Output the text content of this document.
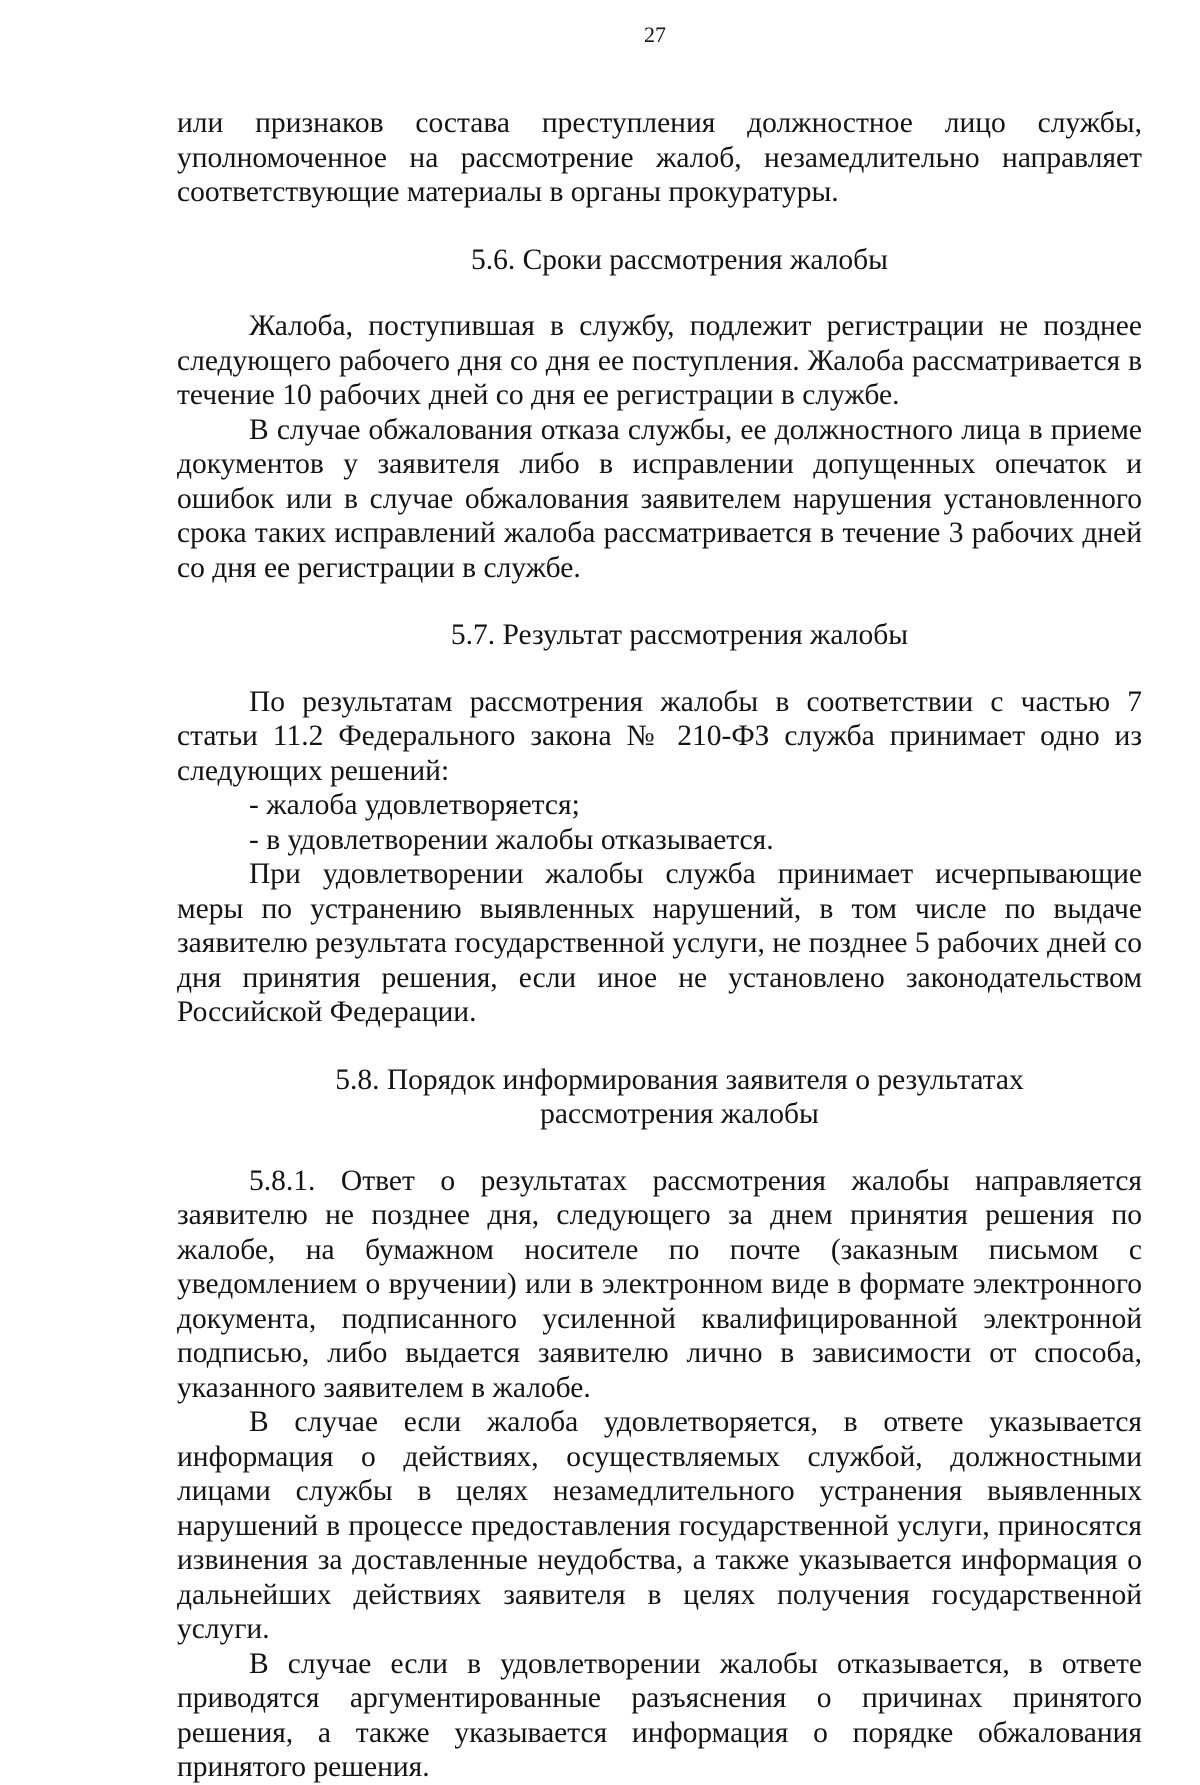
27

или признаков состава преступления должностное лицо службы, уполномоченное на рассмотрение жалоб, незамедлительно направляет соответствующие материалы в органы прокуратуры.

5.6. Сроки рассмотрения жалобы

Жалоба, поступившая в службу, подлежит регистрации не позднее следующего рабочего дня со дня ее поступления. Жалоба рассматривается в течение 10 рабочих дней со дня ее регистрации в службе.

В случае обжалования отказа службы, ее должностного лица в приеме документов у заявителя либо в исправлении допущенных опечаток и ошибок или в случае обжалования заявителем нарушения установленного срока таких исправлений жалоба рассматривается в течение 3 рабочих дней со дня ее регистрации в службе.

5.7. Результат рассмотрения жалобы

По результатам рассмотрения жалобы в соответствии с частью 7 статьи 11.2 Федерального закона № 210-ФЗ служба принимает одно из следующих решений:

- жалоба удовлетворяется;

- в удовлетворении жалобы отказывается.

При удовлетворении жалобы служба принимает исчерпывающие меры по устранению выявленных нарушений, в том числе по выдаче заявителю результата государственной услуги, не позднее 5 рабочих дней со дня принятия решения, если иное не установлено законодательством Российской Федерации.

5.8. Порядок информирования заявителя о результатах
рассмотрения жалобы

5.8.1. Ответ о результатах рассмотрения жалобы направляется заявителю не позднее дня, следующего за днем принятия решения по жалобе, на бумажном носителе по почте (заказным письмом с уведомлением о вручении) или в электронном виде в формате электронного документа, подписанного усиленной квалифицированной электронной подписью, либо выдается заявителю лично в зависимости от способа, указанного заявителем в жалобе.

В случае если жалоба удовлетворяется, в ответе указывается информация о действиях, осуществляемых службой, должностными лицами службы в целях незамедлительного устранения выявленных нарушений в процессе предоставления государственной услуги, приносятся извинения за доставленные неудобства, а также указывается информация о дальнейших действиях заявителя в целях получения государственной услуги.

В случае если в удовлетворении жалобы отказывается, в ответе приводятся аргументированные разъяснения о причинах принятого решения, а также указывается информация о порядке обжалования принятого решения.
